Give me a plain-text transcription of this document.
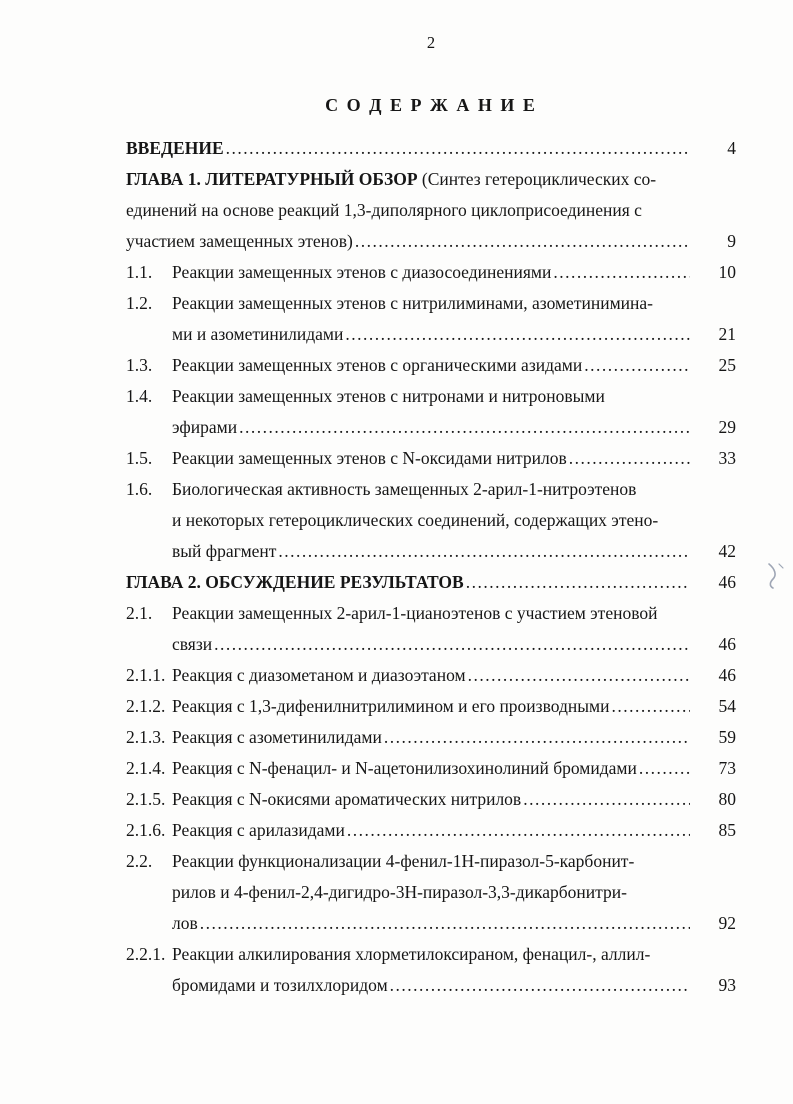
2
С О Д Е Р Ж А Н И Е
ВВЕДЕНИЕ .....	4
ГЛАВА 1. ЛИТЕРАТУРНЫЙ ОБЗОР (Синтез гетероциклических со-
единений на основе реакций 1,3-диполярного циклоприсоединения с
участием замещенных этенов) .....	9
1.1.	Реакции замещенных этенов с диазосоединениями .....	10
1.2.	Реакции замещенных этенов с нитрилиминами, азометинимина-
ми и азометинилидами .....	21
1.3.	Реакции замещенных этенов с органическими азидами .....	25
1.4.	Реакции замещенных этенов с нитронами и нитроновыми
эфирами .....	29
1.5.	Реакции замещенных этенов с N-оксидами нитрилов .....	33
1.6.	Биологическая активность замещенных 2-арил-1-нитроэтенов
и некоторых гетероциклических соединений, содержащих этено-
вый фрагмент .....	42
ГЛАВА 2. ОБСУЖДЕНИЕ РЕЗУЛЬТАТОВ .....	46
2.1.	Реакции замещенных 2-арил-1-цианоэтенов с участием этеновой
связи .....	46
2.1.1. Реакция с диазометаном и диазоэтаном .....	46
2.1.2. Реакция с 1,3-дифенилнитрилимином и его производными .....	54
2.1.3. Реакция с азометинилидами .....	59
2.1.4. Реакция с N-фенацил- и N-ацетонилизохинолиний бромидами .....	73
2.1.5. Реакция с N-окисями ароматических нитрилов .....	80
2.1.6. Реакция с арилазидами .....	85
2.2.	Реакции функционализации 4-фенил-1H-пиразол-5-карбонит-
рилов и 4-фенил-2,4-дигидро-3H-пиразол-3,3-дикарбонитри-
лов .....	92
2.2.1. Реакции алкилирования хлорметилоксираном, фенацил-, аллил-
бромидами и тозилхлоридом .....	93
